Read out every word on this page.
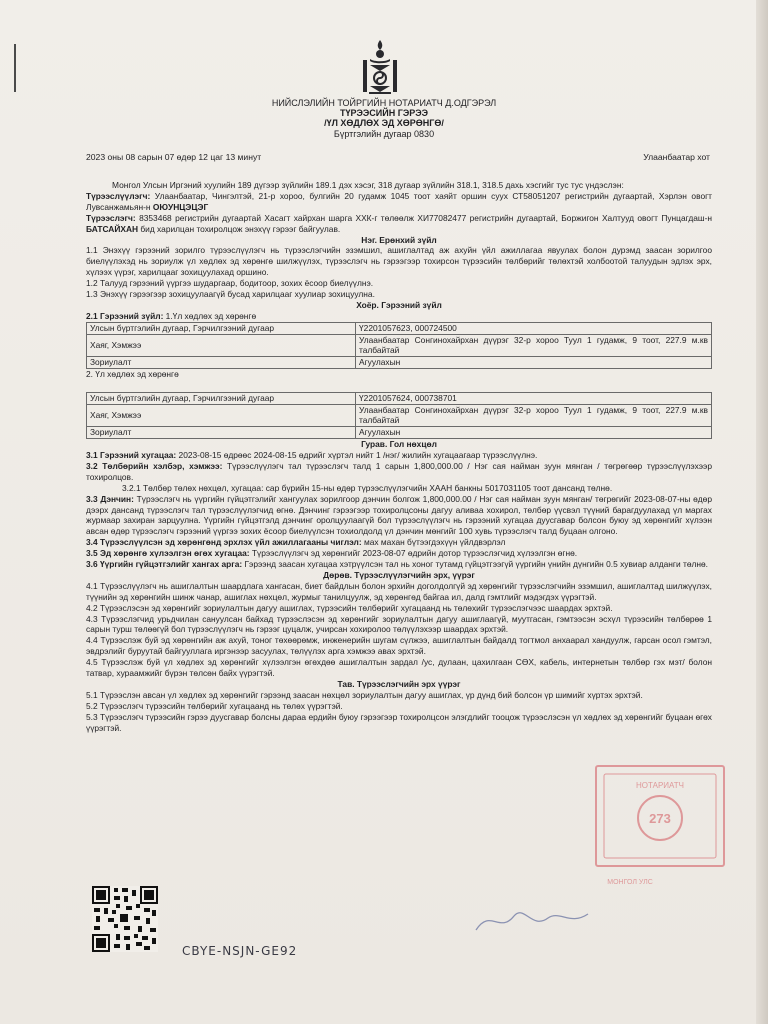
НИЙСЛЭЛИЙН ТОЙРГИЙН НОТАРИАТЧ Д.ОДГЭРЭЛ
ТҮРЭЭСИЙН ГЭРЭЭ
/ҮЛ ХӨДЛӨХ ЭД ХӨРӨНГӨ/
Бүртгэлийн дугаар 0830
2023 оны 08 сарын 07 өдөр 12 цаг 13 минут	Улаанбаатар хот

Монгол Улсын Иргэний хуулийн 189 дүгээр зүйлийн 189.1 дэх хэсэг, 318 дугаар зүйлийн 318.1, 318.5 дахь хэсгийг тус тус үндэслэн:

Түрээслүүлэгч: Улаанбаатар, Чингэлтэй, 21-р хороо, булгийн 20 гудамж 1045 тоот хаяйт оршин суух СТ58051207 регистрийн дугаартай, Хэрлэн овогт Лувсанжамьян-н ОЮУНЦЭЦЭГ

Түрээслэгч: 8353468 регистрийн дугаартай Хасагт хайрхан шарга ХХК-г төлөөлж ХИ77082477 регистрийн дугаартай, Боржигон Халтууд овогт Пунцагдаш-н БАТСАЙХАН бид харилцан тохиролцож энэхүү гэрээг байгуулав.

Нэг. Ерөнхий зүйл

1.1 Энэхүү гэрээний зорилго түрээслүүлэгч нь түрээслэгчийн эзэмшил, ашиглалтад аж ахуйн үйл ажиллагаа явуулах болон дурэмд заасан зорилгоо биелүүлэхэд нь зориулж үл хөдлөх эд хөрөнгө шилжүүлэх, түрээслэгч нь гэрээгээр тохирсон түрээсийн төлбөрийг төлөхтэй холбоотой талуудын эдлэх эрх, хүлээх үүрэг, харилцааг зохицуулахад оршино.

1.2 Талууд гэрээний үүргээ шударгаар, бодитоор, зохих ёсоор биелүүлнэ.

1.3 Энэхүү гэрээгээр зохицуулаагүй бусад харилцааг хуулиар зохицуулна.

Хоёр. Гэрээний зүйл

2.1 Гэрээний зүйл: 1.Үл хөдлөх эд хөрөнгө

Улсын бүртгэлийн дугаар, Гэрчилгээний дугаар	Ү2201057623, 000724500
Хаяг, Хэмжээ	Улаанбаатар Сонгинохайрхан дүүрэг 32-р хороо Туул 1 гудамж, 9 тоот, 227.9 м.кв талбайтай
Зориулалт	Агуулахын

2. Үл хөдлөх эд хөрөнгө

Улсын бүртгэлийн дугаар, Гэрчилгээний дугаар	Ү2201057624, 000738701
Хаяг, Хэмжээ	Улаанбаатар Сонгинохайрхан дүүрэг 32-р хороо Туул 1 гудамж, 9 тоот, 227.9 м.кв талбайтай
Зориулалт	Агуулахын

Гурав. Гол нөхцөл

3.1 Гэрээний хугацаа: 2023-08-15 өдрөөс 2024-08-15 өдрийг хүртэл нийт 1 /нэг/ жилийн хугацаагаар түрээслүүлнэ.

3.2 Төлбөрийн хэлбэр, хэмжээ: Түрээслүүлэгч тал түрээслэгч талд 1 сарын 1,800,000.00 / Нэг сая найман зуун мянган / төгрөгөөр түрээслүүлэхээр тохиролцов.

3.2.1 Төлбөр төлөх нөхцөл, хугацаа: сар бүрийн 15-ны өдөр түрээслүүлэгчийн ХААН банкны 5017031105 тоот дансанд төлнө.

3.3 Дэнчин: Түрээслэгч нь үүргийн гүйцэтгэлийг хангуулах зорилгоор дэнчин болгож 1,800,000.00 / Нэг сая найман зуун мянган/ төгрөгийг 2023-08-07-ны өдөр дээрх дансанд түрээслэгч тал түрээслүүлэгчид өгнө. Дэнчинг гэрээгээр тохиролцсоны дагуу аливаа хохирол, төлбөр үүсвэл түүний барагдуулахад үл маргах журмаар захиран зарцуулна. Үүргийн гүйцэтгэлд дэнчинг оролцуулаагүй бол түрээслүүлэгч нь гэрээний хугацаа дуусгавар болсон буюу эд хөрөнгийг хүлээн авсан өдөр түрээслэгч гэрээний үүргээ зохих ёсоор биелүүлсэн тохиолдолд үл дэнчин мөнгийг 100 хувь түрээслэгч талд буцаан олгоно.

3.4 Түрээслүүлсэн эд хөрөнгөнд эрхлэх үйл ажиллагааны чиглэл: мах махан бүтээгдэхүүн үйлдвэрлэл

3.5 Эд хөрөнгө хүлээлгэн өгөх хугацаа: Түрээслүүлэгч эд хөрөнгийг 2023-08-07 өдрийн дотор түрээслэгчид хүлээлгэн өгнө.

3.6 Үүргийн гүйцэтгэлийг хангах арга: Гэрээнд заасан хугацаа хэтрүүлсэн тал нь хоног тутамд гүйцэтгээгүй үүргийн үнийн дүнгийн 0.5 хувиар алданги төлнө.

Дөрөв. Түрээслүүлэгчийн эрх, үүрэг

4.1 Түрээслүүлэгч нь ашиглалтын шаардлага хангасан, биет байдлын болон эрхийн доголдолгүй эд хөрөнгийг түрээслэгчийн эзэмшил, ашиглалтад шилжүүлэх, түүнийн эд хөрөнгийн шинж чанар, ашиглах нөхцөл, журмыг танилцуулж, эд хөрөнгөд байгаа ил, далд гэмтлийг мэдэгдэх үүрэгтэй.

4.2 Түрээслэсэн эд хөрөнгийг зориулалтын дагуу ашиглах, түрээсийн төлбөрийг хугацаанд нь төлөхийг түрээслэгчээс шаардах эрхтэй.

4.3 Түрээслэгчид урьдчилан сануулсан байхад түрээслэсэн эд хөрөнгийг зориулалтын дагуу ашиглаагүй, муутгасан, гэмтээсэн эсхүл түрээсийн төлбөрөө 1 сарын турш төлөөгүй бол түрээслүүлэгч нь гэрээг цуцалж, учирсан хохиролоо төлүүлэхээр шаардах эрхтэй.

4.4 Түрээслэж буй эд хөрөнгийн аж ахуй, тоног төхөөрөмж, инженерийн шугам сүлжээ, ашиглалтын байдалд тогтмол анхаарал хандуулж, гарсан осол гэмтэл, эвдрэлийг буруутай байгууллага иргэнээр засуулах, төлүүлэх арга хэмжээ авах эрхтэй.

4.5 Түрээслэж буй үл хөдлөх эд хөрөнгийг хүлээлгэн өгөхдөө ашиглалтын зардал /ус, дулаан, цахилгаан СӨХ, кабель, интернетын төлбөр гэх мэт/ болон татвар, хураамжийг бүрэн төлсөн байх үүрэгтэй.

Тав. Түрээслэгчийн эрх үүрэг

5.1 Түрээслэн авсан үл хөдлөх эд хөрөнгийг гэрээнд заасан нөхцөл зориулалтын дагуу ашиглах, үр дүнд бий болсон үр шимийг хүртэх эрхтэй.

5.2 Түрээслэгч түрээсийн төлбөрийг хугацаанд нь төлөх үүрэгтэй.

5.3 Түрээслэгч түрээсийн гэрээ дуусгавар болсны дараа ердийн буюу гэрээгээр тохиролцсон элэгдлийг тооцож түрээслэсэн үл хөдлөх эд хөрөнгийг буцаан өгөх үүрэгтэй.

НОТАРИАТЧ
273
МОНГОЛ УЛС
CBYE-NSJN-GE92
